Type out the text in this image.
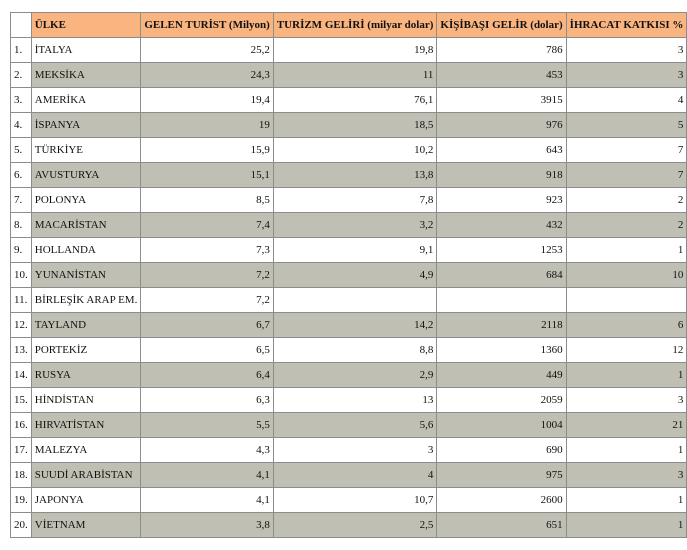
	ÜLKE	GELEN TURİST (Milyon)	TURİZM GELİRİ (milyar dolar)	KİŞİBAŞI GELİR (dolar)	İHRACAT KATKISI %
1.	İTALYA	25,2	19,8	786	3
2.	MEKSİKA	24,3	11	453	3
3.	AMERİKA	19,4	76,1	3915	4
4.	İSPANYA	19	18,5	976	5
5.	TÜRKİYE	15,9	10,2	643	7
6.	AVUSTURYA	15,1	13,8	918	7
7.	POLONYA	8,5	7,8	923	2
8.	MACARİSTAN	7,4	3,2	432	2
9.	HOLLANDA	7,3	9,1	1253	1
10.	YUNANİSTAN	7,2	4,9	684	10
11.	BİRLEŞİK ARAP EM.	7,2			
12.	TAYLAND	6,7	14,2	2118	6
13.	PORTEKİZ	6,5	8,8	1360	12
14.	RUSYA	6,4	2,9	449	1
15.	HİNDİSTAN	6,3	13	2059	3
16.	HIRVATİSTAN	5,5	5,6	1004	21
17.	MALEZYA	4,3	3	690	1
18.	SUUDİ ARABİSTAN	4,1	4	975	3
19.	JAPONYA	4,1	10,7	2600	1
20.	VİETNAM	3,8	2,5	651	1
